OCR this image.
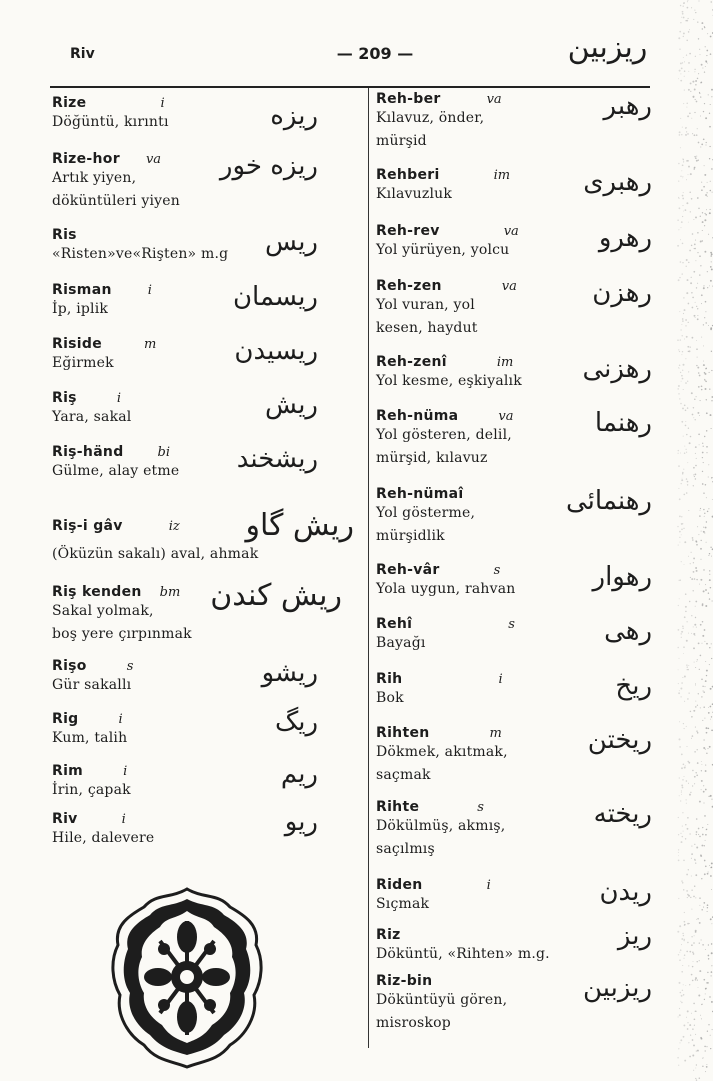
Riv	— 209 —	ریزبین
Rize	i
Döğüntü, kırıntı	ریزه
Rize-hor va
Artık yiyen,
döküntüleri yiyen
ریزه خور
Ris
«Risten»ve«Rişten» m.g	ریس
Risman	i
İp, iplik	ریسمان
Riside	m
Eğirmek	ریسیدن
Riş	i
Yara, sakal	ریش
Riş-händ	bi
Gülme, alay etme	ریشخند
Riş-i gâv	iz
(Öküzün sakalı) aval, ahmak
ریش گاو
Riş kenden bm
Sakal yolmak,
boş yere çırpınmak
ریش کندن
Rişo	s
Gür sakallı	ریشو
Rig	i
Kum, talih
ریگ
Rim	i
İrin, çapak
ریم
Riv	i
Hile, dalevere
ریو
Reh-ber	va
Kılavuz, önder,
mürşid
رهبر
Rehberi	im
Kılavuzluk	رهبری
Reh-rev	va
Yol yürüyen, yolcu	رهرو
Reh-zen	va
Yol vuran, yol
kesen, haydut
رهزن
Reh-zenî	im
Yol kesme, eşkiyalık	رهزنی
Reh-nüma	va
Yol gösteren, delil,
mürşid, kılavuz
رهنما
Reh-nümaî
Yol gösterme,
mürşidlik
رهنمائی
Reh-vâr	s
Yola uygun, rahvan	رهوار
Rehî	s
Bayağı	رهی
Rih	i
Bok	ریخ
Rihten	m
Dökmek, akıtmak,
saçmak
ریختن
Rihte	s
Dökülmüş, akmış,
saçılmış
ریخته
Riden	i
Sıçmak	ریدن
Riz
Döküntü, «Rihten» m.g.
ریز
Riz-bin
Döküntüyü gören,
misroskop
ریزبین
